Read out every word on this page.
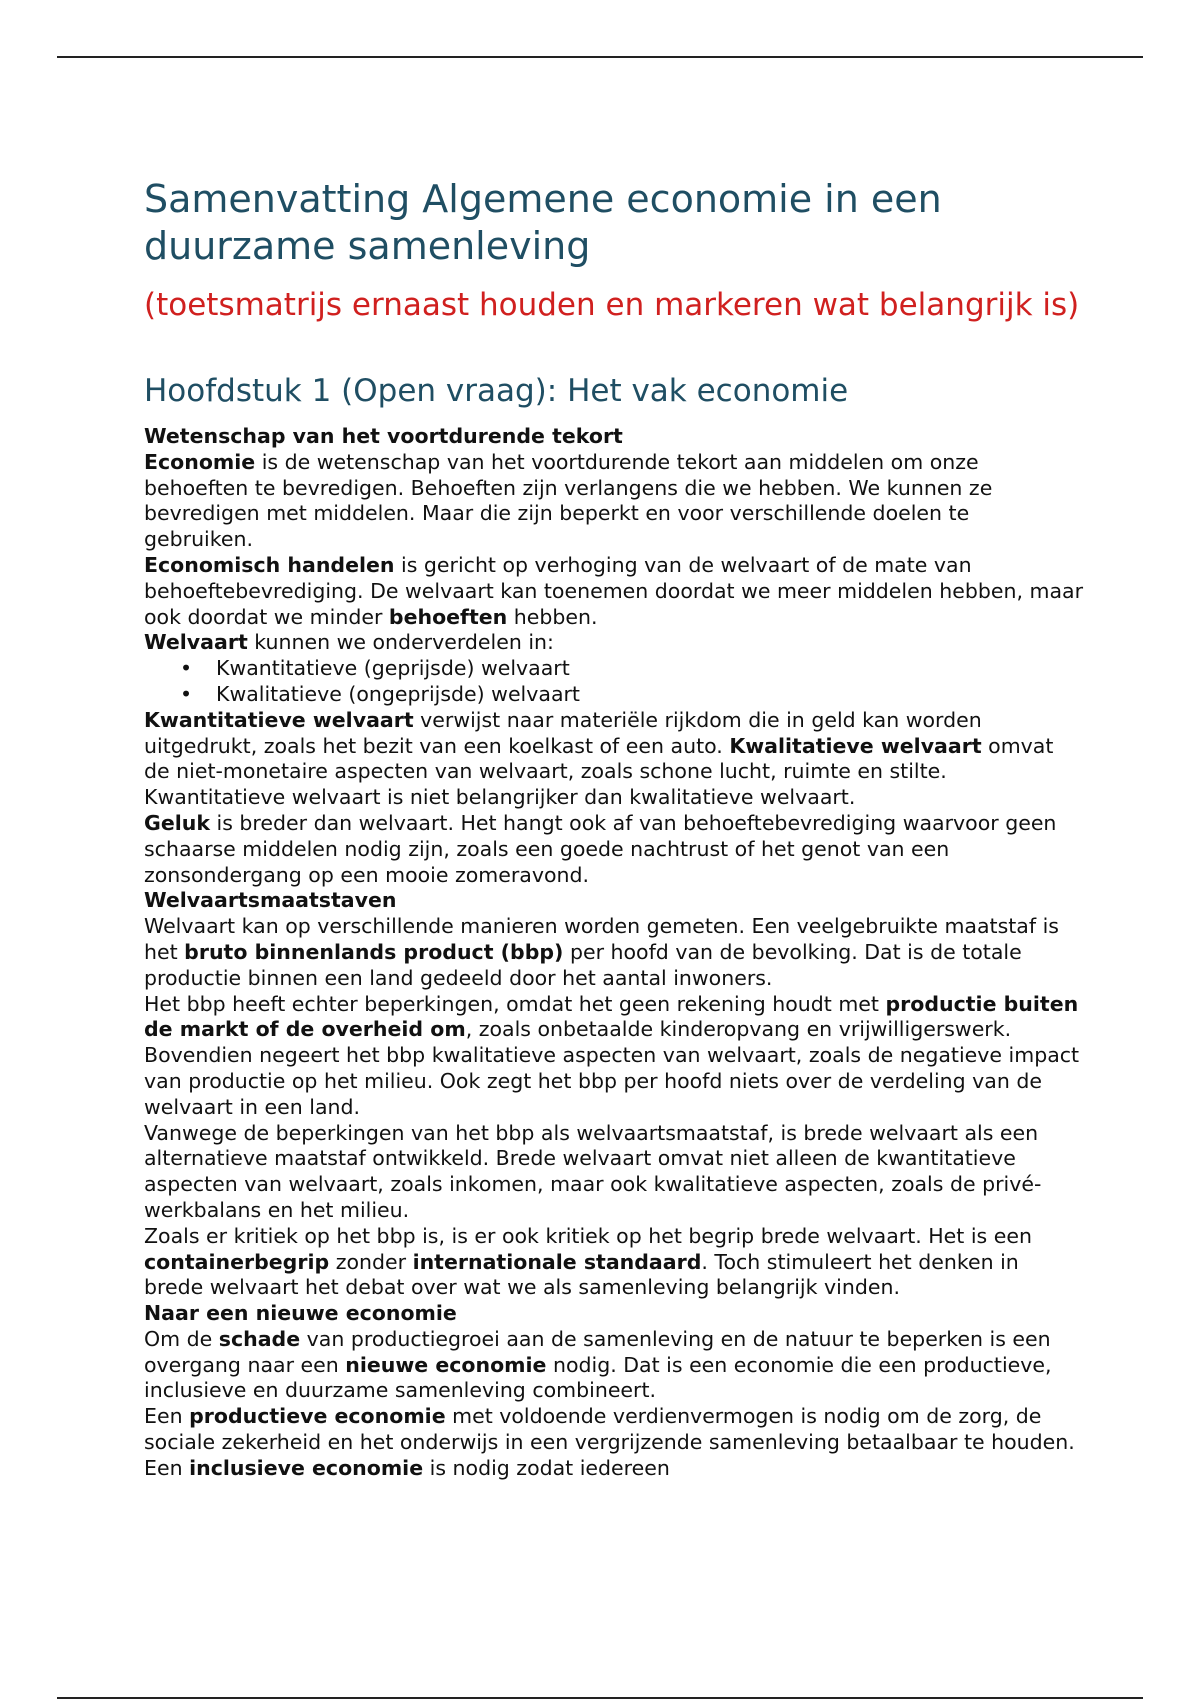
Samenvatting Algemene economie in een duurzame samenleving
(toetsmatrijs ernaast houden en markeren wat belangrijk is)
Hoofdstuk 1 (Open vraag): Het vak economie

Wetenschap van het voortdurende tekort

Economie is de wetenschap van het voortdurende tekort aan middelen om onze behoeften te bevredigen. Behoeften zijn verlangens die we hebben. We kunnen ze bevredigen met middelen. Maar die zijn beperkt en voor verschillende doelen te gebruiken.

Economisch handelen is gericht op verhoging van de welvaart of de mate van behoeftebevrediging. De welvaart kan toenemen doordat we meer middelen hebben, maar ook doordat we minder behoeften hebben.

Welvaart kunnen we onderverdelen in:

• Kwantitatieve (geprijsde) welvaart
• Kwalitatieve (ongeprijsde) welvaart

Kwantitatieve welvaart verwijst naar materiële rijkdom die in geld kan worden uitgedrukt, zoals het bezit van een koelkast of een auto. Kwalitatieve welvaart omvat de niet-monetaire aspecten van welvaart, zoals schone lucht, ruimte en stilte. Kwantitatieve welvaart is niet belangrijker dan kwalitatieve welvaart.

Geluk is breder dan welvaart. Het hangt ook af van behoeftebevrediging waarvoor geen schaarse middelen nodig zijn, zoals een goede nachtrust of het genot van een zonsondergang op een mooie zomeravond.

Welvaartsmaatstaven

Welvaart kan op verschillende manieren worden gemeten. Een veelgebruikte maatstaf is het bruto binnenlands product (bbp) per hoofd van de bevolking. Dat is de totale productie binnen een land gedeeld door het aantal inwoners.

Het bbp heeft echter beperkingen, omdat het geen rekening houdt met productie buiten de markt of de overheid om, zoals onbetaalde kinderopvang en vrijwilligerswerk. Bovendien negeert het bbp kwalitatieve aspecten van welvaart, zoals de negatieve impact van productie op het milieu. Ook zegt het bbp per hoofd niets over de verdeling van de welvaart in een land.

Vanwege de beperkingen van het bbp als welvaartsmaatstaf, is brede welvaart als een alternatieve maatstaf ontwikkeld. Brede welvaart omvat niet alleen de kwantitatieve aspecten van welvaart, zoals inkomen, maar ook kwalitatieve aspecten, zoals de privé-werkbalans en het milieu.

Zoals er kritiek op het bbp is, is er ook kritiek op het begrip brede welvaart. Het is een containerbegrip zonder internationale standaard. Toch stimuleert het denken in brede welvaart het debat over wat we als samenleving belangrijk vinden.

Naar een nieuwe economie

Om de schade van productiegroei aan de samenleving en de natuur te beperken is een overgang naar een nieuwe economie nodig. Dat is een economie die een productieve, inclusieve en duurzame samenleving combineert.

Een productieve economie met voldoende verdienvermogen is nodig om de zorg, de sociale zekerheid en het onderwijs in een vergrijzende samenleving betaalbaar te houden. Een inclusieve economie is nodig zodat iedereen
